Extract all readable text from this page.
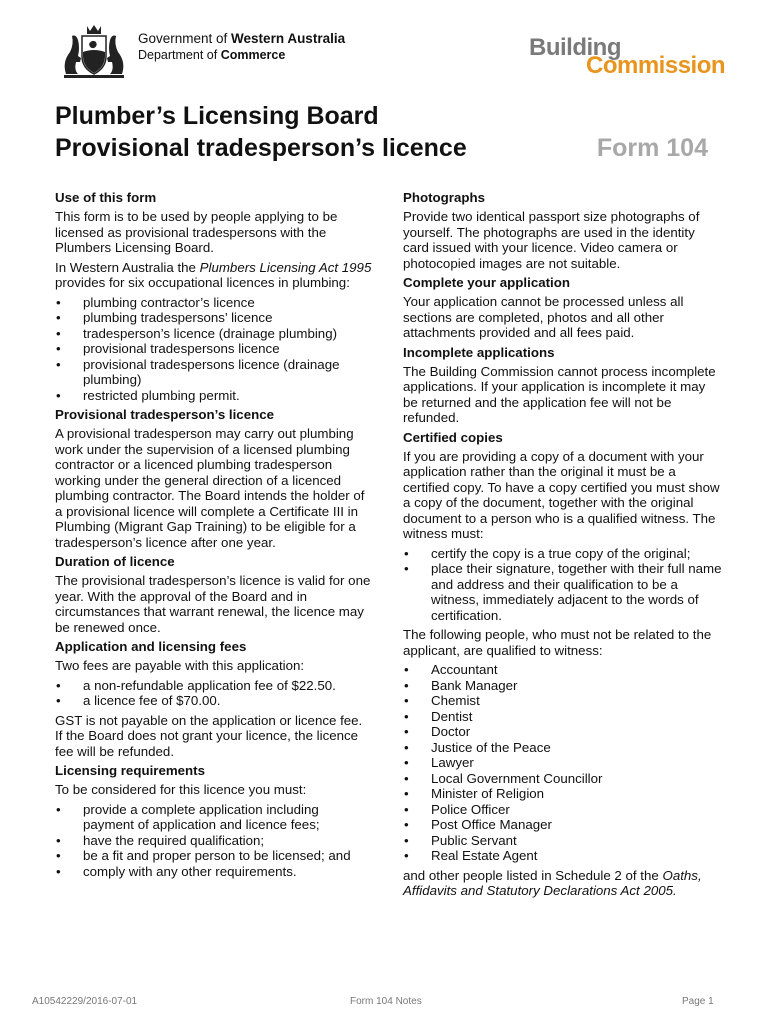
Government of Western Australia
Department of Commerce	Building
Commission
Plumber’s Licensing Board
Provisional tradesperson’s licence	Form 104
Use of this form

This form is to be used by people applying to be licensed as provisional tradespersons with the Plumbers Licensing Board.

In Western Australia the Plumbers Licensing Act 1995 provides for six occupational licences in plumbing:

• plumbing contractor’s licence
• plumbing tradespersons’ licence
• tradesperson’s licence (drainage plumbing)
• provisional tradespersons licence
• provisional tradespersons licence (drainage plumbing)
• restricted plumbing permit.
Provisional tradesperson’s licence

A provisional tradesperson may carry out plumbing work under the supervision of a licensed plumbing contractor or a licenced plumbing tradesperson working under the general direction of a licenced plumbing contractor. The Board intends the holder of a provisional licence will complete a Certificate III in Plumbing (Migrant Gap Training) to be eligible for a tradesperson’s licence after one year.

Duration of licence

The provisional tradesperson’s licence is valid for one year. With the approval of the Board and in circumstances that warrant renewal, the licence may be renewed once.

Application and licensing fees

Two fees are payable with this application:

• a non-refundable application fee of $22.50.
• a licence fee of $70.00.

GST is not payable on the application or licence fee. If the Board does not grant your licence, the licence fee will be refunded.

Licensing requirements

To be considered for this licence you must:

• provide a complete application including payment of application and licence fees;
• have the required qualification;
• be a fit and proper person to be licensed; and
• comply with any other requirements.
Photographs

Provide two identical passport size photographs of yourself. The photographs are used in the identity card issued with your licence. Video camera or photocopied images are not suitable.

Complete your application

Your application cannot be processed unless all sections are completed, photos and all other attachments provided and all fees paid.

Incomplete applications

The Building Commission cannot process incomplete applications. If your application is incomplete it may be returned and the application fee will not be refunded.

Certified copies

If you are providing a copy of a document with your application rather than the original it must be a certified copy. To have a copy certified you must show a copy of the document, together with the original document to a person who is a qualified witness. The witness must:

• certify the copy is a true copy of the original;
• place their signature, together with their full name and address and their qualification to be a witness, immediately adjacent to the words of certification.

The following people, who must not be related to the applicant, are qualified to witness:

• Accountant
• Bank Manager
• Chemist
• Dentist
• Doctor
• Justice of the Peace
• Lawyer
• Local Government Councillor
• Minister of Religion
• Police Officer
• Post Office Manager
• Public Servant
• Real Estate Agent

and other people listed in Schedule 2 of the Oaths, Affidavits and Statutory Declarations Act 2005.

A10542229/2016-07-01	Form 104 Notes	Page 1
